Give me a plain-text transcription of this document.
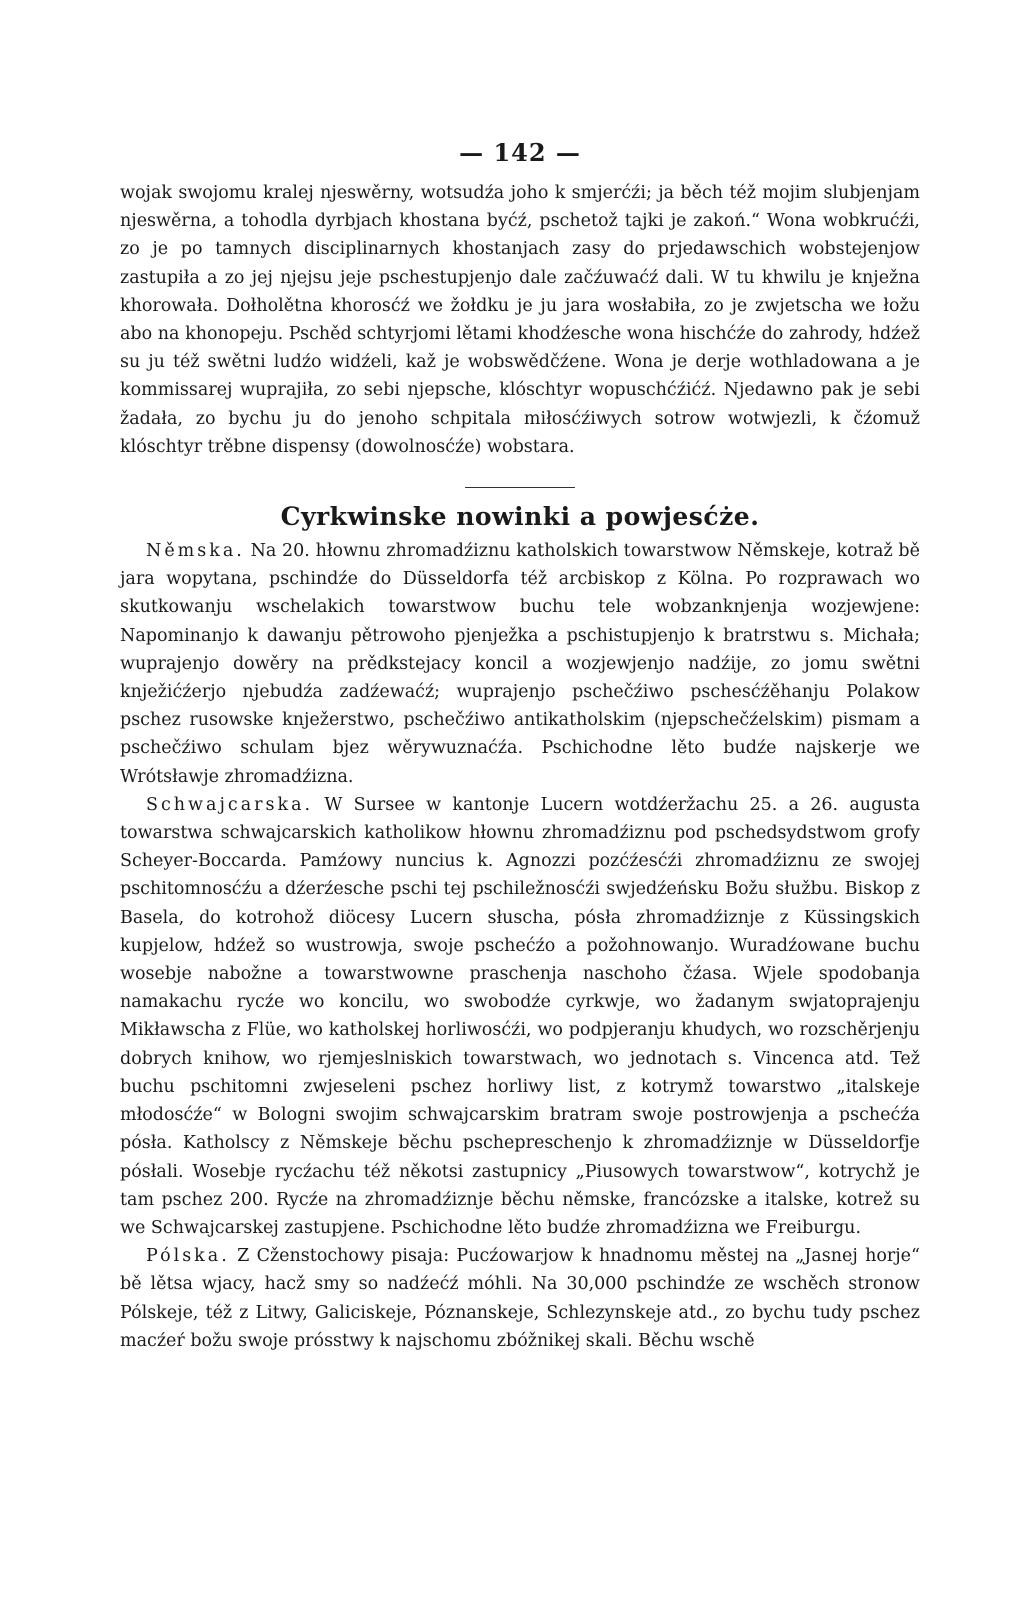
— 142 —

wojak swojomu kralej njeswěrny, wotsudźa joho k smjerćźi; ja běch též mojim slubjenjam njeswěrna, a tohodla dyrbjach khostana byćź, pschetož tajki je zakoń.“ Wona wobkrućźi, zo je po tamnych disciplinarnych khostanjach zasy do prjedawschich wobstejenjow zastupiła a zo jej njejsu jeje pschestupjenjo dale začźuwaćź dali. W tu khwilu je knježna khorowała. Dołholětna khorosćź we žołdku je ju jara wosłabiła, zo je zwjetscha we łožu abo na khonopeju. Pschěd schtyrjomi lětami khodźesche wona hischćźe do zahrody, hdźež su ju též swětni ludźo widźeli, kaž je wobswědčźene. Wona je derje wothladowana a je kommissarej wuprajiła, zo sebi njepsche, klóschtyr wopuschćźićź. Njedawno pak je sebi žadała, zo bychu ju do jenoho schpitala miłosćźiwych sotrow wotwjezli, k čźomuž klóschtyr trěbne dispensy (dowolnosćźe) wobstara.

Cyrkwinske nowinki a powjesćże.

Němska. Na 20. hłownu zhromadźiznu katholskich towarstwow Němskeje, kotraž bě jara wopytana, pschindźe do Düsseldorfa též arcbiskop z Kölna. Po rozprawach wo skutkowanju wschelakich towarstwow buchu tele wobzanknjenja wozjewjene: Napominanjo k dawanju pětrowoho pjenježka a pschistupjenjo k bratrstwu s. Michała; wuprajenjo dowěry na prědkstejacy koncil a wozjewjenjo nadźije, zo jomu swětni knježićźerjo njebudźa zadźewaćź; wuprajenjo pschečźiwo pschesćźěhanju Polakow pschez rusowske knježerstwo, pschečźiwo antikatholskim (njepschečźelskim) pismam a pschečźiwo schulam bjez wěrywuznaćźa. Pschichodne lěto budźe najskerje we Wrótsławje zhromadźizna.

Schwajcarska. W Sursee w kantonje Lucern wotdźeržachu 25. a 26. augusta towarstwa schwajcarskich katholikow hłownu zhromadźiznu pod pschedsydstwom grofy Scheyer-Boccarda. Pamźowy nuncius k. Agnozzi pozćźesćźi zhromadźiznu ze swojej pschitomnosćźu a dźerźesche pschi tej pschiležnosćźi swjedźeńsku Božu słužbu. Biskop z Basela, do kotrohož diöcesy Lucern słuscha, pósła zhromadźiznje z Küssingskich kupjelow, hdźež so wustrowja, swoje pschećźo a požohnowanjo. Wuradźowane buchu wosebje nabožne a towarstwowne praschenja naschoho čźasa. Wjele spodobanja namakachu rycźe wo koncilu, wo swobodźe cyrkwje, wo žadanym swjatoprajenju Mikławscha z Flüe, wo katholskej horliwosćźi, wo podpjeranju khudych, wo rozschěrjenju dobrych knihow, wo rjemjeslniskich towarstwach, wo jednotach s. Vincenca atd. Tež buchu pschitomni zwjeseleni pschez horliwy list, z kotrymž towarstwo „italskeje młodosćźe“ w Bologni swojim schwajcarskim bratram swoje postrowjenja a pschećźa pósła. Katholscy z Němskeje běchu pschepreschenjo k zhromadźiznje w Düsseldorfje pósłali. Wosebje rycźachu též někotsi zastupnicy „Piusowych towarstwow“, kotrychž je tam pschez 200. Rycźe na zhromadźiznje běchu němske, francózske a italske, kotrež su we Schwajcarskej zastupjene. Pschichodne lěto budźe zhromadźizna we Freiburgu.

Pólska. Z Cženstochowy pisaja: Pucźowarjow k hnadnomu městej na „Jasnej horje“ bě lětsa wjacy, hacž smy so nadźećź móhli. Na 30,000 pschindźe ze wschěch stronow Pólskeje, též z Litwy, Galiciskeje, Póznanskeje, Schlezynskeje atd., zo bychu tudy pschez macźeŕ božu swoje prósstwy k najschomu zbóžnikej skali. Běchu wschě
